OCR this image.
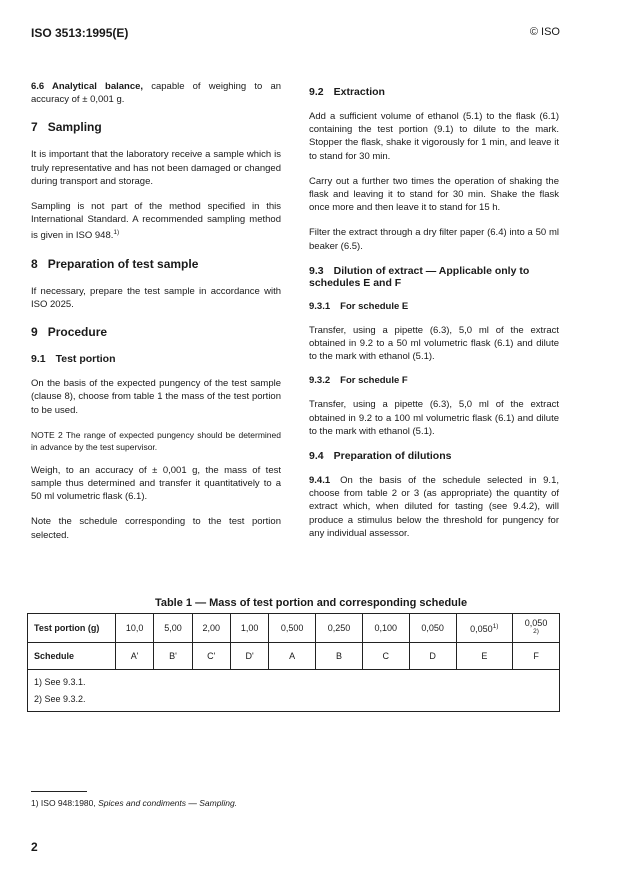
ISO 3513:1995(E)	© ISO

6.6 Analytical balance, capable of weighing to an accuracy of ± 0,001 g.

7 Sampling

It is important that the laboratory receive a sample which is truly representative and has not been damaged or changed during transport and storage.

Sampling is not part of the method specified in this International Standard. A recommended sampling method is given in ISO 948.$^{1)}$

8 Preparation of test sample

If necessary, prepare the test sample in accordance with ISO 2025.

9 Procedure
9.1 Test portion

On the basis of the expected pungency of the test sample (clause 8), choose from table 1 the mass of the test portion to be used.

NOTE 2 The range of expected pungency should be determined in advance by the test supervisor.

Weigh, to an accuracy of ± 0,001 g, the mass of test sample thus determined and transfer it quantitatively to a 50 ml volumetric flask (6.1).

Note the schedule corresponding to the test portion selected.

9.2 Extraction

Add a sufficient volume of ethanol (5.1) to the flask (6.1) containing the test portion (9.1) to dilute to the mark. Stopper the flask, shake it vigorously for 1 min, and leave it to stand for 30 min.

Carry out a further two times the operation of shaking the flask and leaving it to stand for 30 min. Shake the flask once more and then leave it to stand for 15 h.

Filter the extract through a dry filter paper (6.4) into a 50 ml beaker (6.5).

9.3 Dilution of extract — Applicable only to schedules E and F
9.3.1 For schedule E

Transfer, using a pipette (6.3), 5,0 ml of the extract obtained in 9.2 to a 50 ml volumetric flask (6.1) and dilute to the mark with ethanol (5.1).

9.3.2 For schedule F

Transfer, using a pipette (6.3), 5,0 ml of the extract obtained in 9.2 to a 100 ml volumetric flask (6.1) and dilute to the mark with ethanol (5.1).

9.4 Preparation of dilutions

9.4.1 On the basis of the schedule selected in 9.1, choose from table 2 or 3 (as appropriate) the quantity of extract which, when diluted for tasting (see 9.4.2), will produce a stimulus below the threshold for pungency for any individual assessor.

Table 1 — Mass of test portion and corresponding schedule
Test portion (g)	10,0	5,00	2,00	1,00	0,500	0,250	0,100	0,050	0,050$^{1)}$	0,050
$^{2)}$
Schedule	A'	B'	C'	D'	A	B	C	D	E	F

1) See 9.3.1.
2) See 9.3.2.										
1) ISO 948:1980, Spices and condiments — Sampling.
2
